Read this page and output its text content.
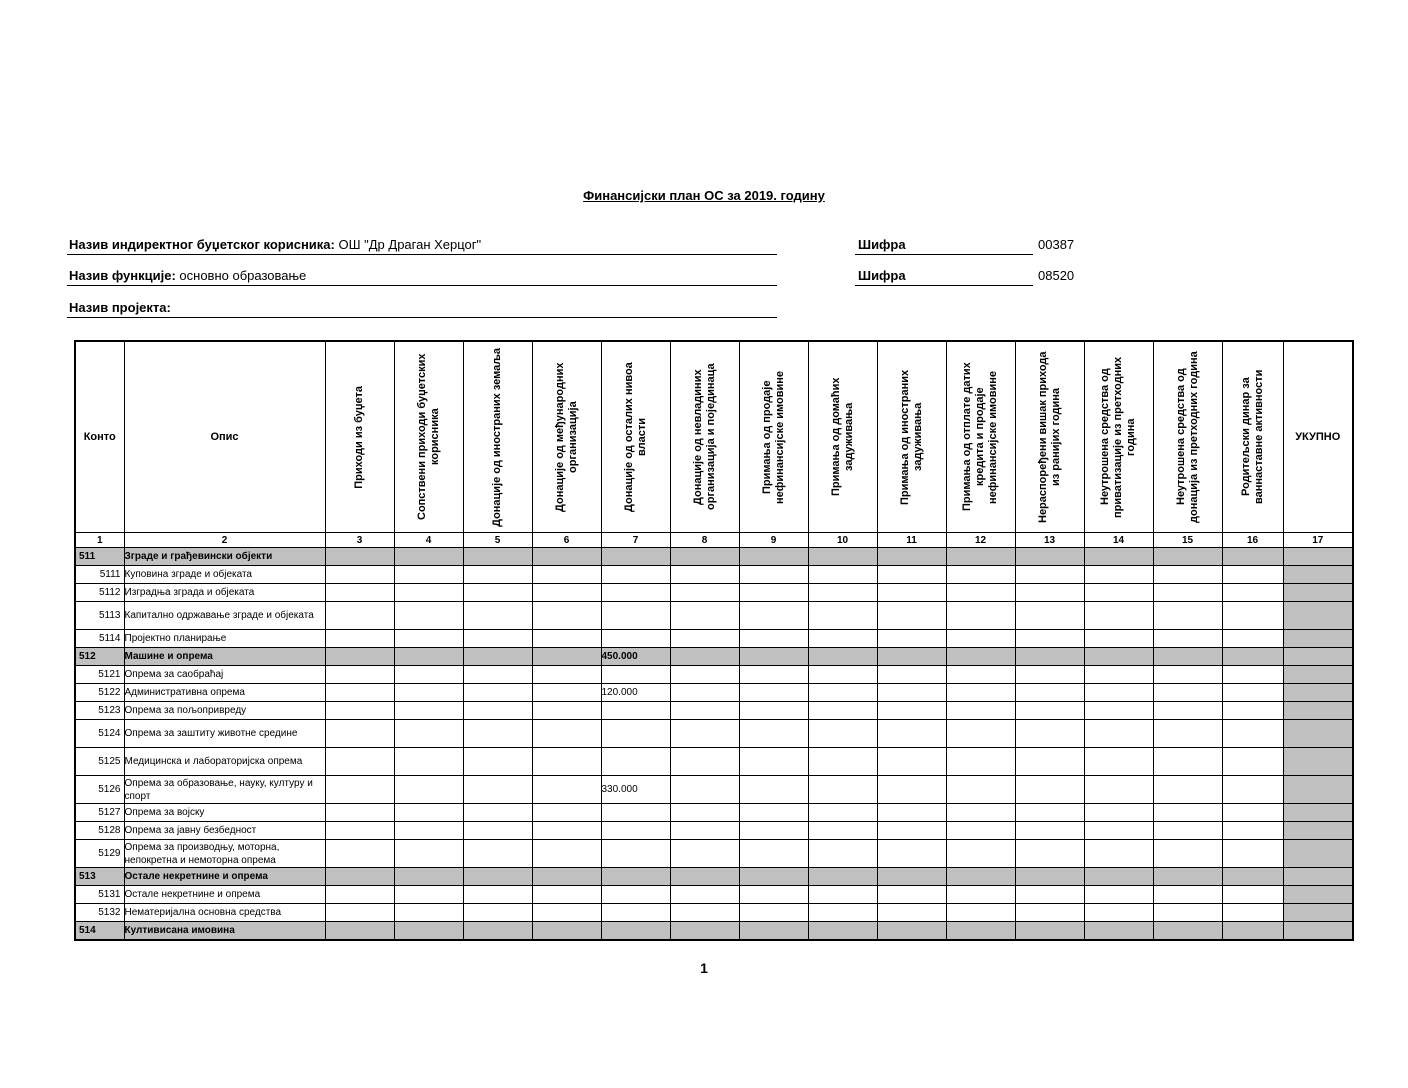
Финансијски план ОС за 2019. годину
Назив индиректног буџетског корисника: ОШ "Др Драган Херцог"
Назив функције: основно образовање
Назив пројекта:
Шифра	00387
Шифра	08520
Конто	Опис	Приходи из буџета	Сопствени приходи буџетских корисника	Донације од иностраних земаља	Донације од међународних организација	Донације од осталих нивоа власти	Донације од невладиних организација и појединаца	Примања од продаје нефинансијске имовине	Примања од домаћих задуживања	Примања од иностраних задуживања	Примања од отплате датих кредита и продаје нефинансијске имовине	Нераспоређени вишак прихода из ранијих година	Неутрошена средства од приватизације из претходних година	Неутрошена средства од донација из претходних година	Родитељски динар за ваннаставне активности	УКУПНО
1	2	3	4	5	6	7	8	9	10	11	12	13	14	15	16	17
511	Зграде и грађевински објекти															
5111	Куповина зграде и објеката															
5112	Изградња зграда и објеката															
5113	Капитално одржавање зграде и објеката															
5114	Пројектно планирање															
512	Машине и опрема					450.000										
5121	Опрема за саобраћај															
5122	Административна опрема					120.000										
5123	Опрема за пољопривреду															
5124	Опрема за заштиту животне средине															
5125	Медицинска и лабораторијска опрема															
5126	Опрема за образовање, науку, културу и спорт					330.000										
5127	Опрема за војску															
5128	Опрема за јавну безбедност															
5129	Опрема за производњу, моторна, непокретна и немоторна опрема															
513	Остале некретнине и опрема															
5131	Остале некретнине и опрема															
5132	Нематеријална основна средства															
514	Култивисана имовина															
1
